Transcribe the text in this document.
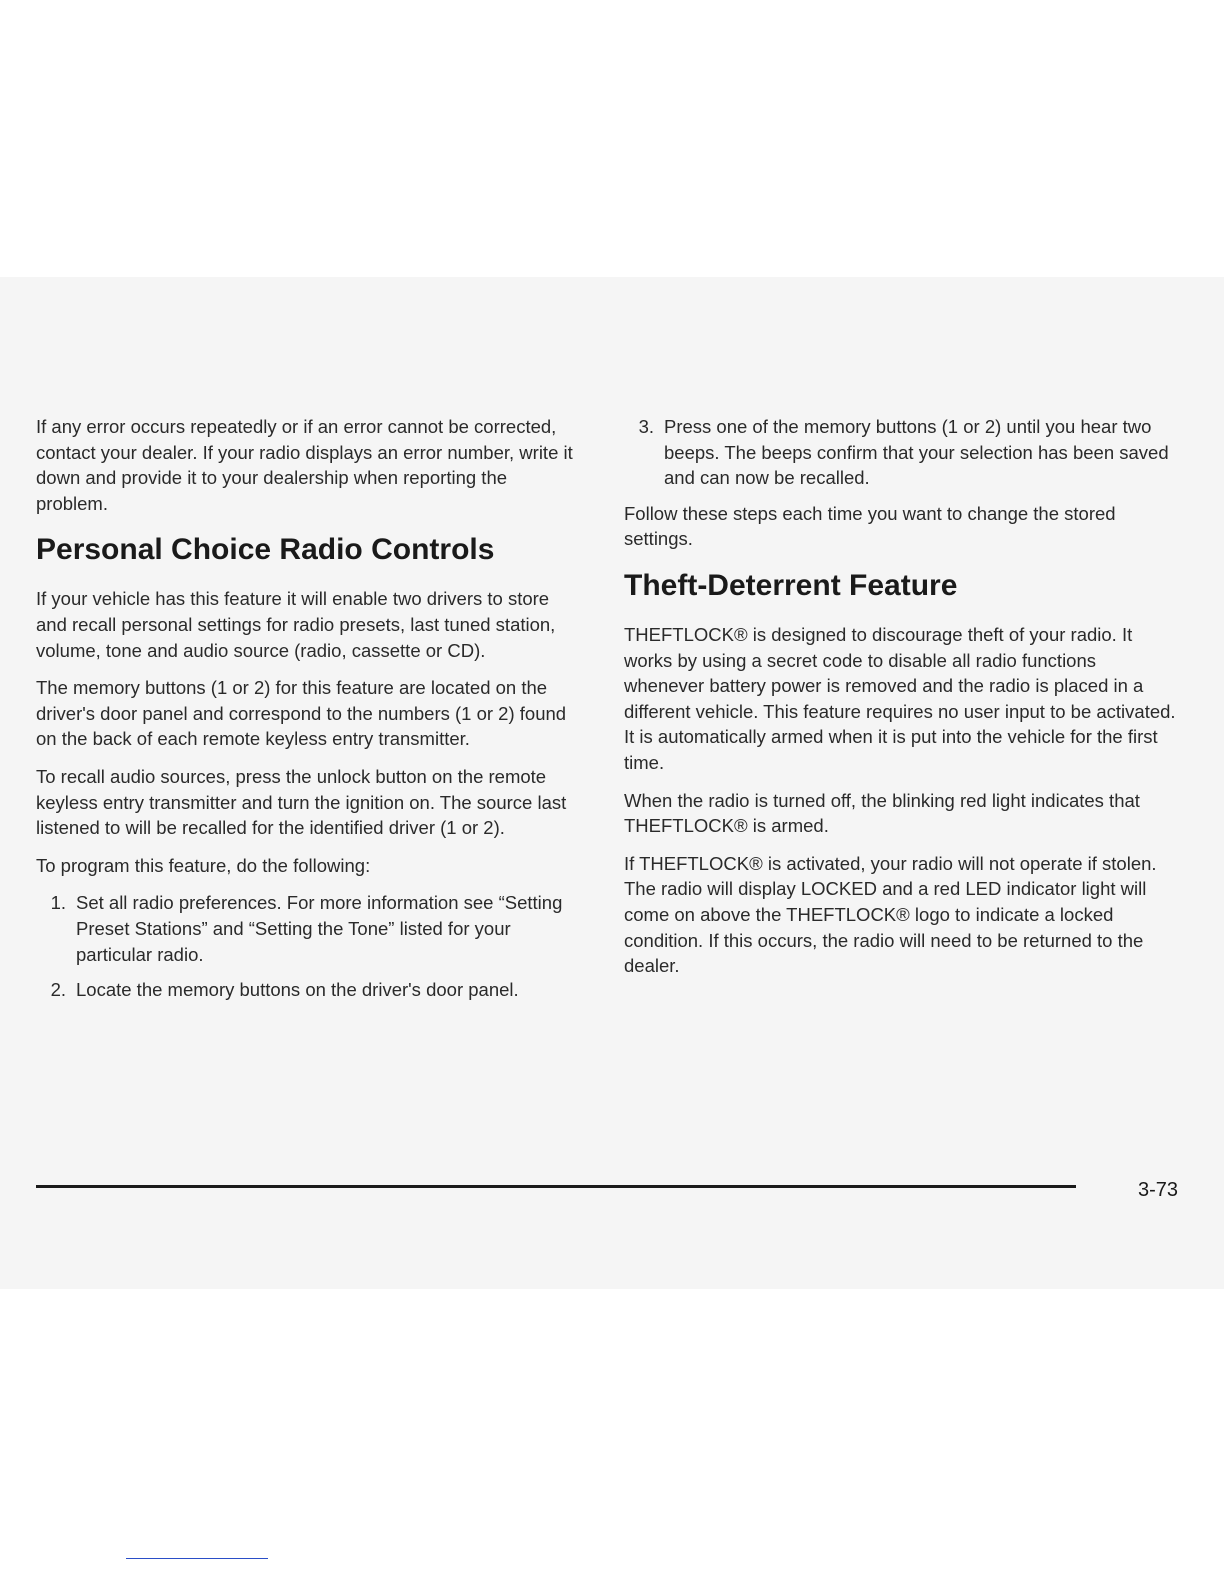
If any error occurs repeatedly or if an error cannot be corrected, contact your dealer. If your radio displays an error number, write it down and provide it to your dealership when reporting the problem.

Personal Choice Radio Controls

If your vehicle has this feature it will enable two drivers to store and recall personal settings for radio presets, last tuned station, volume, tone and audio source (radio, cassette or CD).

The memory buttons (1 or 2) for this feature are located on the driver's door panel and correspond to the numbers (1 or 2) found on the back of each remote keyless entry transmitter.

To recall audio sources, press the unlock button on the remote keyless entry transmitter and turn the ignition on. The source last listened to will be recalled for the identified driver (1 or 2).

To program this feature, do the following:

1. Set all radio preferences. For more information see “Setting Preset Stations” and “Setting the Tone” listed for your particular radio.
2. Locate the memory buttons on the driver's door panel.
3. Press one of the memory buttons (1 or 2) until you hear two beeps. The beeps confirm that your selection has been saved and can now be recalled.

Follow these steps each time you want to change the stored settings.

Theft-Deterrent Feature

THEFTLOCK® is designed to discourage theft of your radio. It works by using a secret code to disable all radio functions whenever battery power is removed and the radio is placed in a different vehicle. This feature requires no user input to be activated. It is automatically armed when it is put into the vehicle for the first time.

When the radio is turned off, the blinking red light indicates that THEFTLOCK® is armed.

If THEFTLOCK® is activated, your radio will not operate if stolen. The radio will display LOCKED and a red LED indicator light will come on above the THEFTLOCK® logo to indicate a locked condition. If this occurs, the radio will need to be returned to the dealer.

3-73
